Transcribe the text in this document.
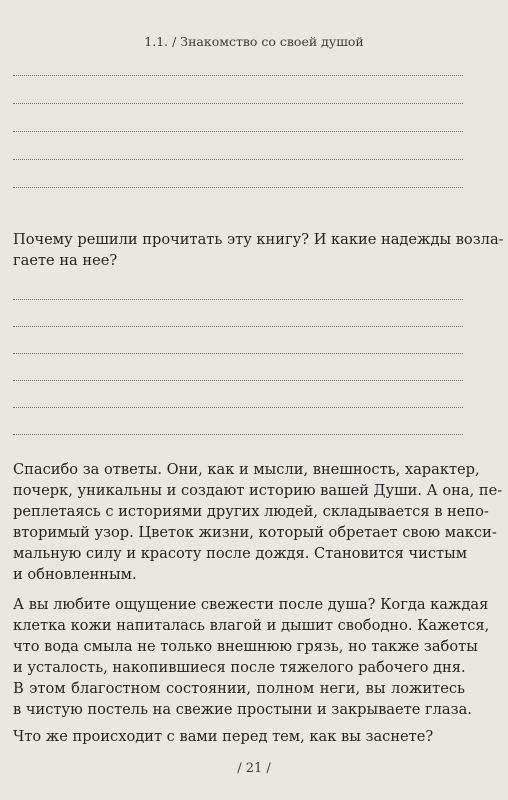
1.1. / Знакомство со своей душой
Почему решили прочитать эту книгу? И какие надежды возла-
гаете на нее?
Спасибо за ответы. Они, как и мысли, внешность, характер,
почерк, уникальны и создают историю вашей Души. А она, пе-
реплетаясь с историями других людей, складывается в непо-
вторимый узор. Цветок жизни, который обретает свою макси-
мальную силу и красоту после дождя. Становится чистым
и обновленным.
А вы любите ощущение свежести после душа? Когда каждая
клетка кожи напиталась влагой и дышит свободно. Кажется,
что вода смыла не только внешнюю грязь, но также заботы
и усталость, накопившиеся после тяжелого рабочего дня.
В этом благостном состоянии, полном неги, вы ложитесь
в чистую постель на свежие простыни и закрываете глаза.
Что же происходит с вами перед тем, как вы заснете?
/ 21 /
